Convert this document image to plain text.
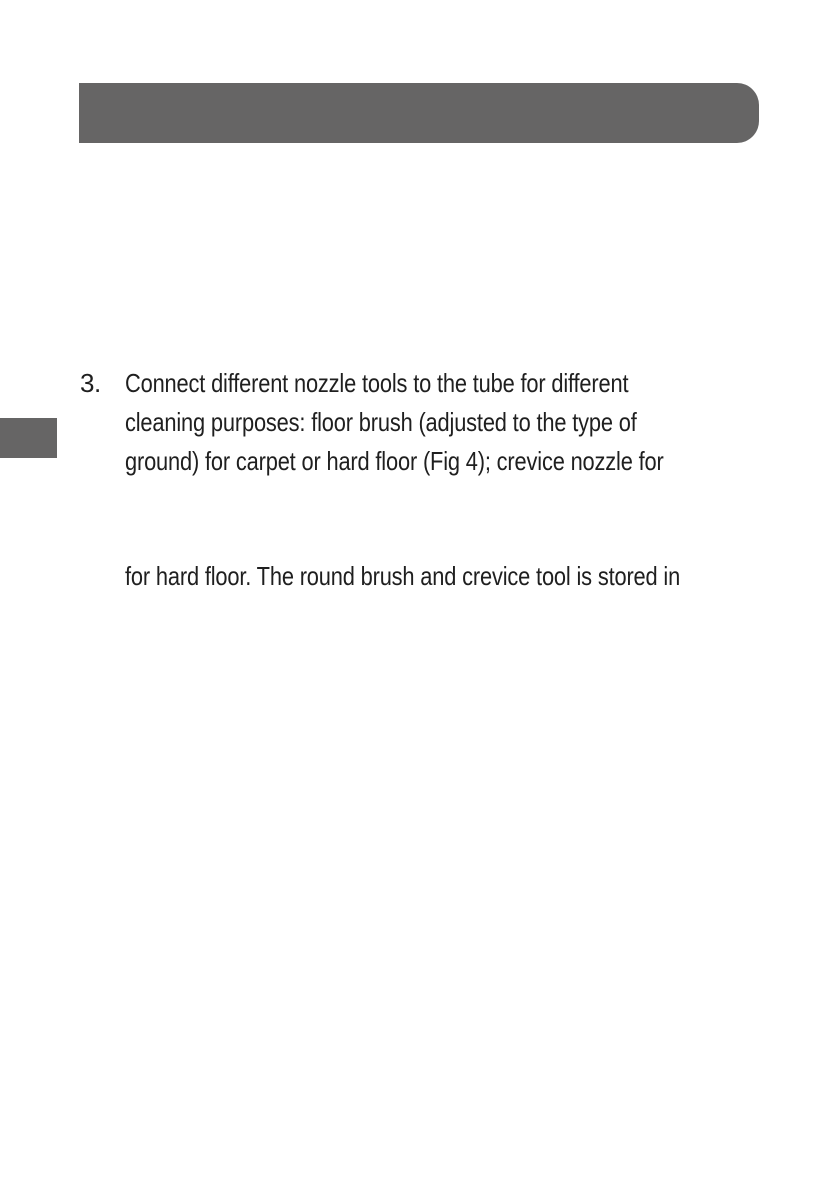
3. Connect different nozzle tools to the tube for different
cleaning purposes: floor brush (adjusted to the type of
ground) for carpet or hard floor (Fig 4); crevice nozzle for
for hard floor. The round brush and crevice tool is stored in
